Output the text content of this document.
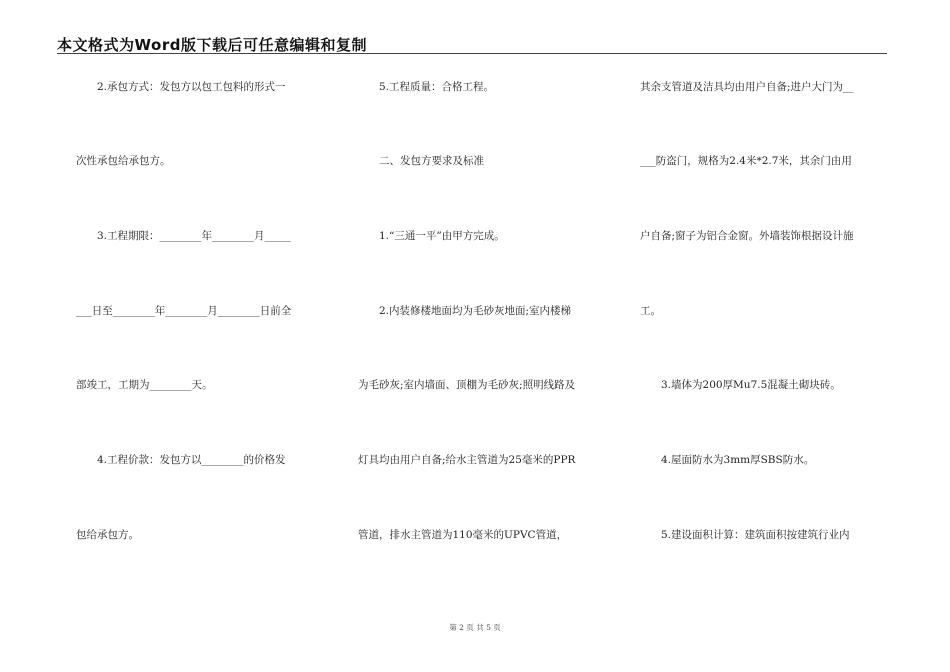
本文格式为Word版下载后可任意编辑和复制
　　2.承包方式：发包方以包工包料的形式一
次性承包给承包方。
　　3.工程期限：________年________月_____
___日至________年________月________日前全
部竣工，工期为________天。
　　4.工程价款：发包方以________的价格发
包给承包方。
　　5.工程质量：合格工程。
　　二、发包方要求及标准
　　1.“三通一平”由甲方完成。
　　2.内装修楼地面均为毛砂灰地面;室内楼梯
为毛砂灰;室内墙面、顶棚为毛砂灰;照明线路及
灯具均由用户自备;给水主管道为25毫米的PPR
管道，排水主管道为110毫米的UPVC管道，
其余支管道及洁具均由用户自备;进户大门为__
___防盗门，规格为2.4米*2.7米，其余门由用
户自备;窗子为铝合金窗。外墙装饰根据设计施
工。
　　3.墙体为200厚Mu7.5混凝土砌块砖。
　　4.屋面防水为3mm厚SBS防水。
　　5.建设面积计算：建筑面积按建筑行业内
第 2 页 共 5 页
